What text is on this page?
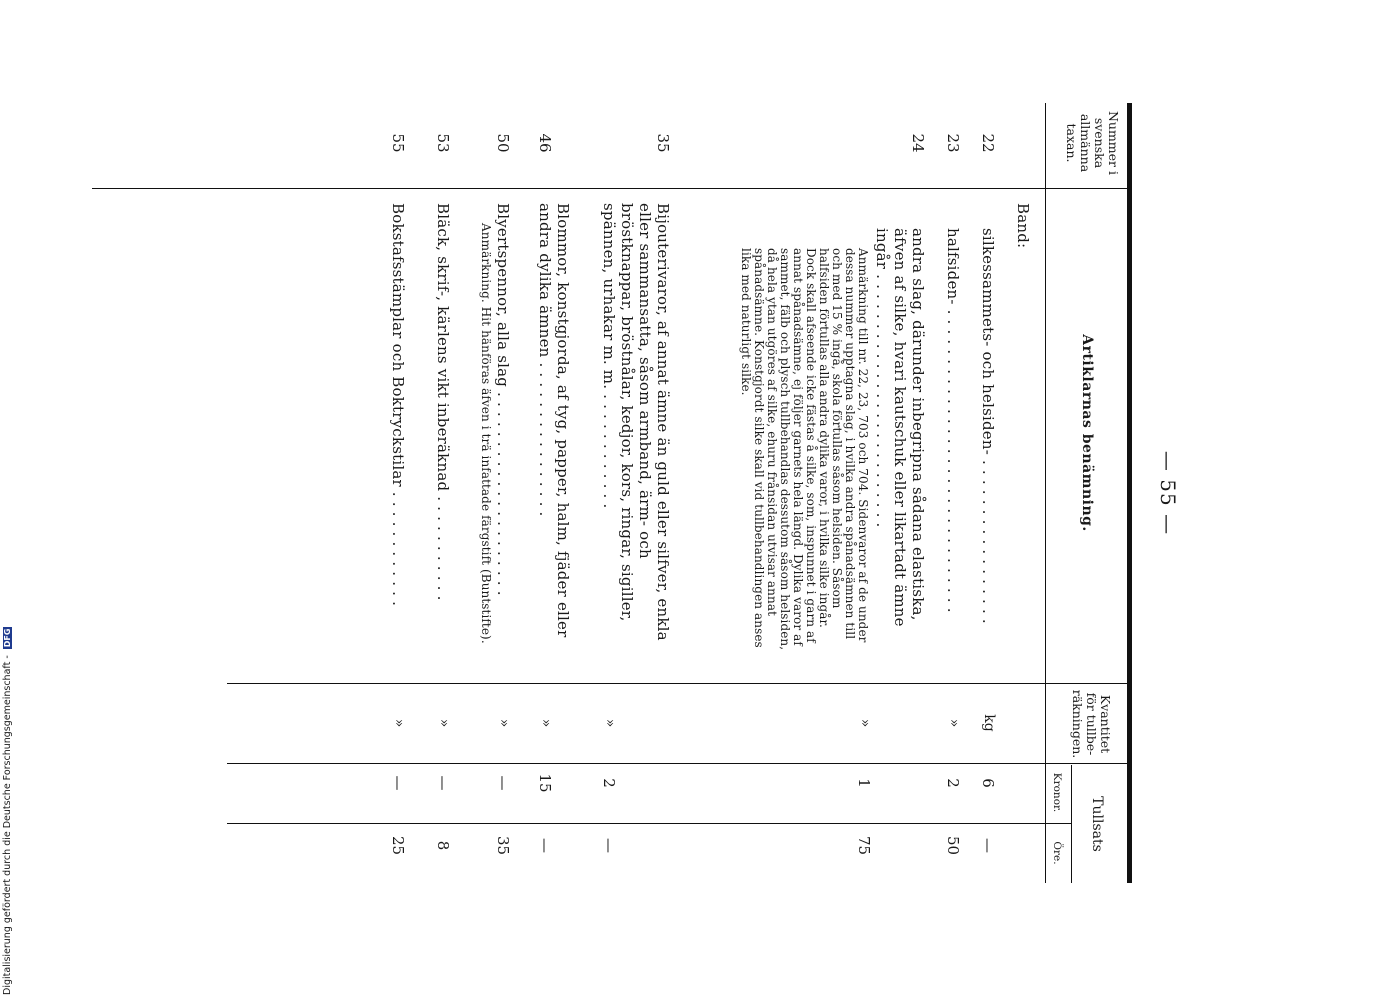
— 55 —
Nummer i svenska allmänna taxan.
Artiklarnas benämning.
Kvantitet för tullberäkningen.
Tullsats
Kronor.
Öre.
Band:
22
silkessammets- och helsiden- . . . . . . . . . . . . . . . . .
kg
6
—
23
halfsiden- . . . . . . . . . . . . . . . . . . . . . . . . . . . . . . .
»
2
50
24
andra slag, därunder inbegripna sådana elastiska, äfven af silke, hvari kautschuk eller likartadt ämne ingår . . . . . . . . . . . . . . . . . . . . . . . . . .
Anmärkning till nr. 22, 23, 703 och 704. Sidenvaror af de under dessa nummer upptagna slag, i hvilka andra spånadsämnen till och med 15 % ingå, skola förtullas såsom helsiden. Såsom halfsiden förtullas alla andra dylika varor, i hvilka silke ingår. Dock skall afseende icke fästas å silke, som, inspunnet i garn af annat spånadsämne, ej följer garnets hela längd. Dylika varor af sammet, fälb och plysch tullbehandlas dessutom såsom helsiden, då hela ytan utgöres af silke, ehuru frånsidan utvisar annat spånadsämne. Konstgjordt silke skall vid tullbehandlingen anses lika med naturligt silke.
»
1
75
35
Bijouterivaror, af annat ämne än guld eller silfver, enkla eller sammansatta, såsom armband, ärm- och bröstknappar, bröstnålar, kedjor, kors, ringar, sigiller, spännen, urhakar m. m. . . . . . . . . . . . .
»
2
—
46
Blommor, konstgjorda, af tyg, papper, halm, fjäder eller andra dylika ämnen . . . . . . . . . . . . . . . .
»
15
—
50
Blyertspennor, alla slag . . . . . . . . . . . . . . . . . . . . .
Anmärkning. Hit hänföras äfven i trä infattade färgstift (Buntstifte).
»
—
35
53
Bläck, skrif-, kärlens vikt inberäknad . . . . . . . . . . .
»
—
8
55
Bokstafsstämplar och Boktryckstilar . . . . . . . . . . . .
»
—
25
Digitalisierung gefördert durch die Deutsche Forschungsgemeinschaft - DFG
